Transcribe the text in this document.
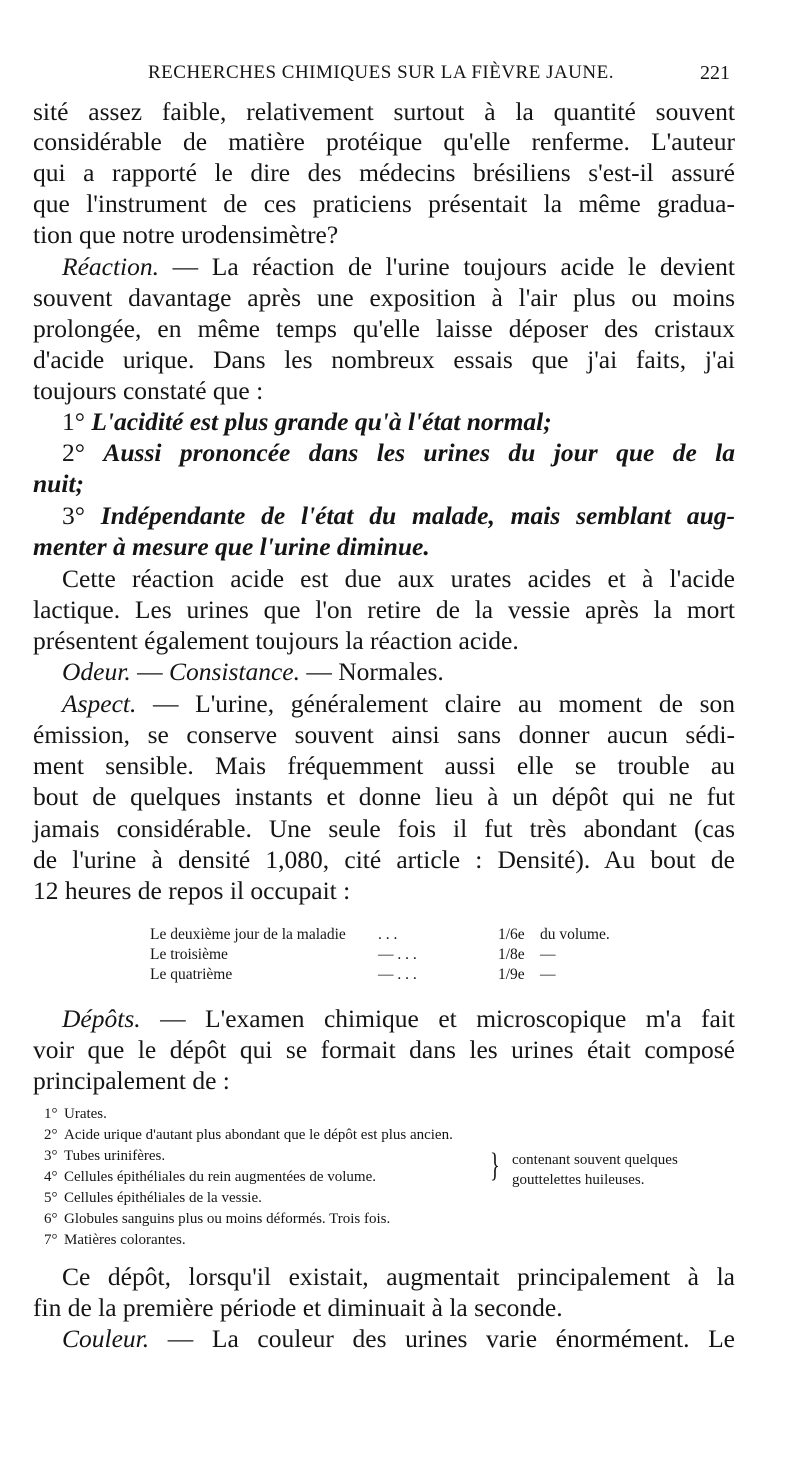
RECHERCHES CHIMIQUES SUR LA FIÈVRE JAUNE.	221
sité assez faible, relativement surtout à la quantité souvent
considérable de matière protéique qu'elle renferme. L'auteur
qui a rapporté le dire des médecins brésiliens s'est-il assuré
que l'instrument de ces praticiens présentait la même gradua-
tion que notre urodensimètre?
Réaction. — La réaction de l'urine toujours acide le devient
souvent davantage après une exposition à l'air plus ou moins
prolongée, en même temps qu'elle laisse déposer des cristaux
d'acide urique. Dans les nombreux essais que j'ai faits, j'ai
toujours constaté que :
1° L'acidité est plus grande qu'à l'état normal;
2° Aussi prononcée dans les urines du jour que de la
nuit;
3° Indépendante de l'état du malade, mais semblant aug-
menter à mesure que l'urine diminue.
Cette réaction acide est due aux urates acides et à l'acide
lactique. Les urines que l'on retire de la vessie après la mort
présentent également toujours la réaction acide.
Odeur. — Consistance. — Normales.
Aspect. — L'urine, généralement claire au moment de son
émission, se conserve souvent ainsi sans donner aucun sédi-
ment sensible. Mais fréquemment aussi elle se trouble au
bout de quelques instants et donne lieu à un dépôt qui ne fut
jamais considérable. Une seule fois il fut très abondant (cas
de l'urine à densité 1,080, cité article : Densité). Au bout de
12 heures de repos il occupait :
Le deuxième jour de la maladie . . .	1/6e du volume.
Le troisième	— . . .	1/8e —
Le quatrième	— . . .	1/9e —
Dépôts. — L'examen chimique et microscopique m'a fait
voir que le dépôt qui se formait dans les urines était composé
principalement de :
1° Urates.
2° Acide urique d'autant plus abondant que le dépôt est plus ancien.
3° Tubes urinifères.
4° Cellules épithéliales du rein augmentées de volume.
5° Cellules épithéliales de la vessie.
6° Globules sanguins plus ou moins déformés. Trois fois.
7° Matières colorantes.
} contenant souvent quelques
gouttelettes huileuses.
Ce dépôt, lorsqu'il existait, augmentait principalement à la
fin de la première période et diminuait à la seconde.
Couleur. — La couleur des urines varie énormément. Le
